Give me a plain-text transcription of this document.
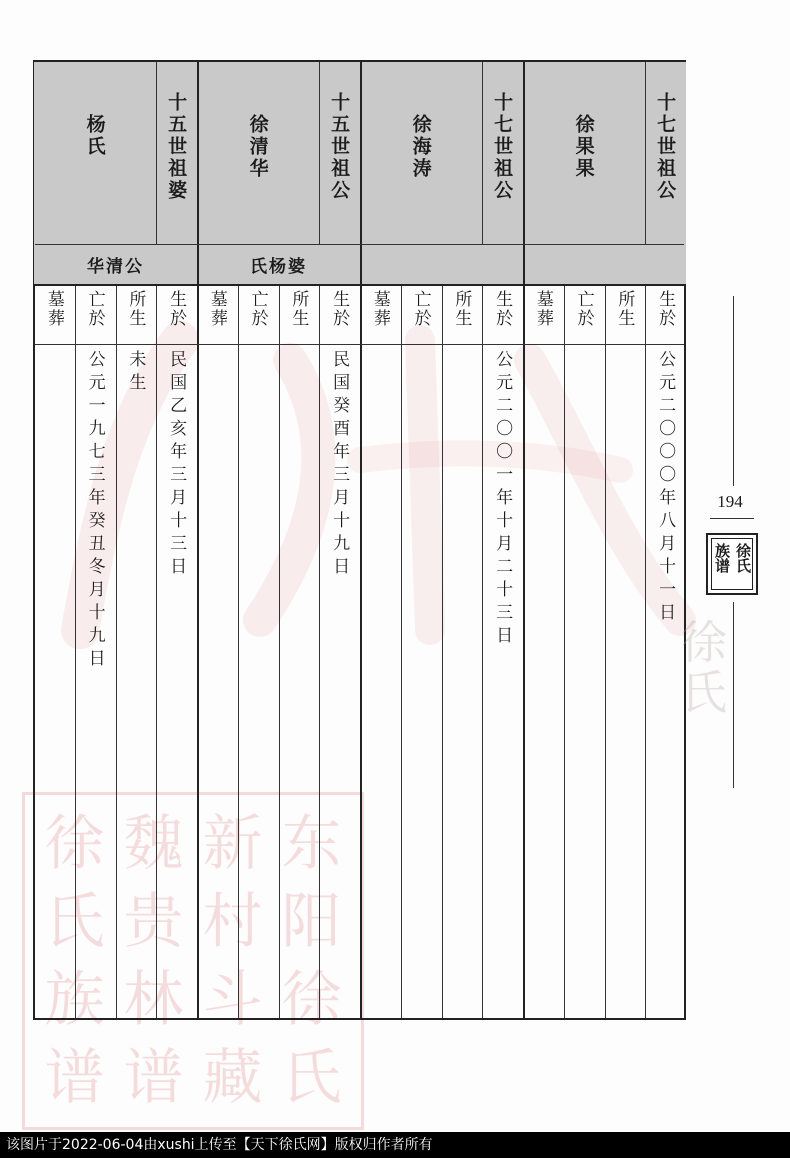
徐 魏 新 东
氏 贵 村 阳
族 林 斗 徐
谱 谱 藏 氏
十七世祖公
徐果果
生於
公元二〇〇〇年八月十一日
所生
亡於
墓葬
十七世祖公
徐海涛
生於
公元二〇〇一年十月二十三日
所生
亡於
墓葬
十五世祖公
徐清华
氏杨婆
生於
民国癸酉年三月十九日
所生
亡於
墓葬
十五世祖婆
杨氏
华清公
生於
民国乙亥年三月十三日
所生
未生
亡於
公元一九七三年癸丑冬月十九日
墓葬
194
徐氏
族谱
徐氏
该图片于2022-06-04由xushi上传至【天下徐氏网】版权归作者所有
